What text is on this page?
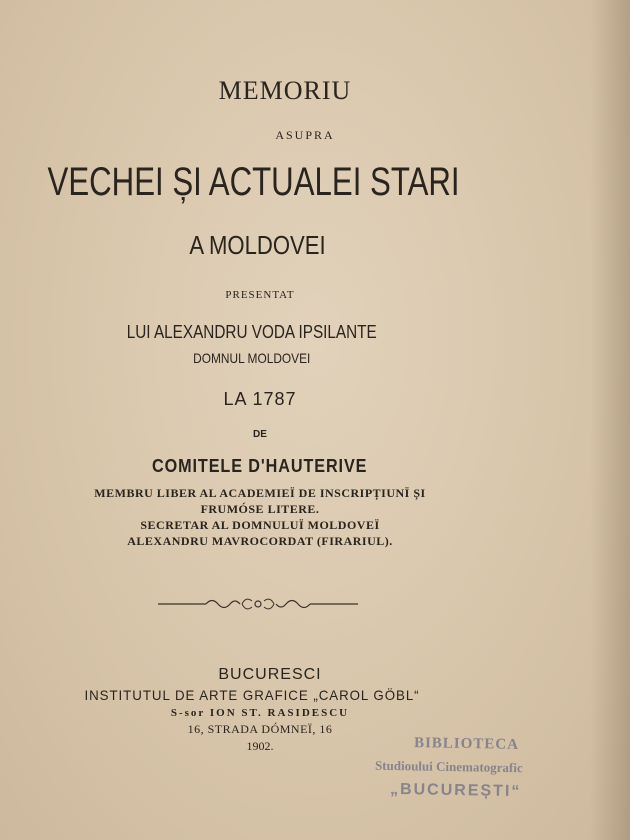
MEMORIU
ASUPRA
VECHEI ȘI ACTUALEI STARI
A MOLDOVEI
PRESENTAT
LUI ALEXANDRU VODA IPSILANTE
DOMNUL MOLDOVEI
LA 1787
DE
COMITELE D'HAUTERIVE
MEMBRU LIBER AL ACADEMIEÏ DE INSCRIPȚIUNÏ ȘI
FRUMÓSE LITERE.
SECRETAR AL DOMNULUÏ MOLDOVEÏ
ALEXANDRU MAVROCORDAT (FIRARIUL).
BUCURESCI
INSTITUTUL DE ARTE GRAFICE „CAROL GÖBL“
S-sor ION ST. RASIDESCU
16, STRADA DÓMNEÏ, 16
1902.	BIBLIOTECA
Studioului Cinematografic
„BUCUREȘTI“
